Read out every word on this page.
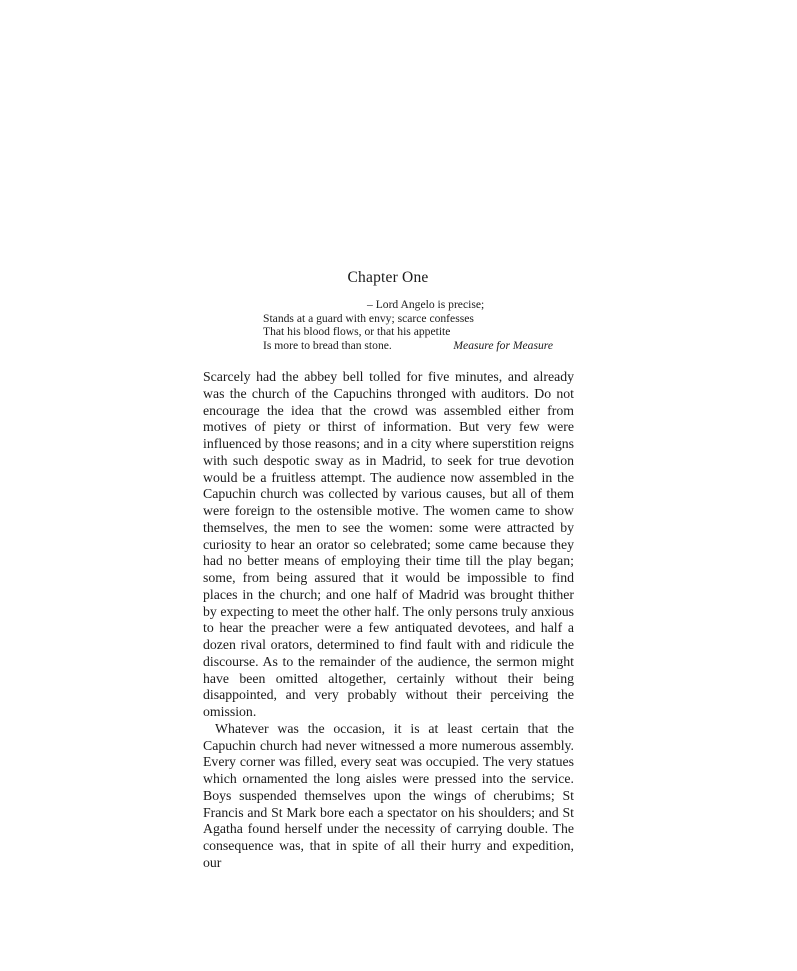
Chapter One
– Lord Angelo is precise;
Stands at a guard with envy; scarce confesses
That his blood flows, or that his appetite
Is more to bread than stone.	Measure for Measure

Scarcely had the abbey bell tolled for five minutes, and already was the church of the Capuchins thronged with auditors. Do not encourage the idea that the crowd was assembled either from motives of piety or thirst of information. But very few were influenced by those reasons; and in a city where superstition reigns with such despotic sway as in Madrid, to seek for true devotion would be a fruitless attempt. The audience now assembled in the Capuchin church was collected by various causes, but all of them were foreign to the ostensible motive. The women came to show themselves, the men to see the women: some were attracted by curiosity to hear an orator so celebrated; some came because they had no better means of employing their time till the play began; some, from being assured that it would be impossible to find places in the church; and one half of Madrid was brought thither by expecting to meet the other half. The only persons truly anxious to hear the preacher were a few antiquated devotees, and half a dozen rival orators, determined to find fault with and ridicule the discourse. As to the remainder of the audience, the sermon might have been omitted altogether, certainly without their being disappointed, and very probably without their perceiving the omission.

Whatever was the occasion, it is at least certain that the Capuchin church had never witnessed a more numerous assembly. Every corner was filled, every seat was occupied. The very statues which ornamented the long aisles were pressed into the service. Boys suspended themselves upon the wings of cherubims; St Francis and St Mark bore each a spectator on his shoulders; and St Agatha found herself under the necessity of carrying double. The consequence was, that in spite of all their hurry and expedition, our
